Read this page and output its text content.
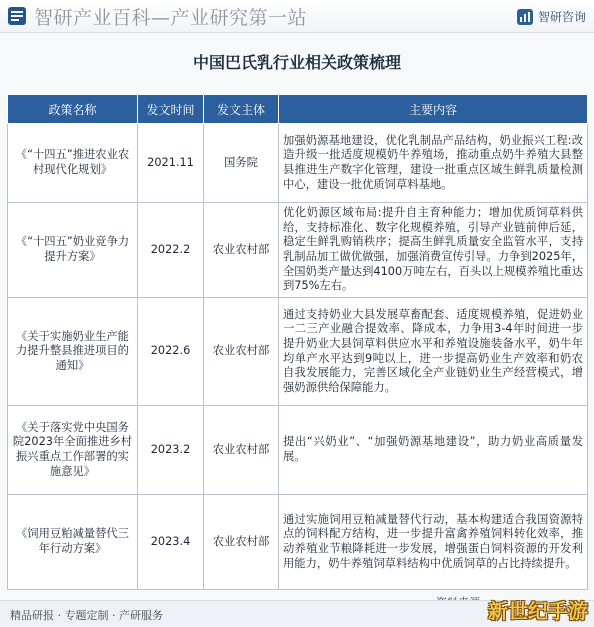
智研产业百科—产业研究第一站	智研咨询
中国巴氏乳行业相关政策梳理
政策名称	发文时间	发文主体	主要内容
《“十四五”推进农业农村现代化规划》	2021.11	国务院	加强奶源基地建设，优化乳制品产品结构，奶业振兴工程:改造升级一批适度规模奶牛养殖场，推动重点奶牛养殖大县整县推进生产数字化管理，建设一批重点区域生鲜乳质量检测中心，建设一批优质饲草料基地。
《“十四五”奶业竞争力提升方案》	2022.2	农业农村部	优化奶源区域布局:提升自主育种能力；增加优质饲草料供给，支持标准化、数字化规模养殖，引导产业链前伸后延，稳定生鲜乳购销秩序；提高生鲜乳质量安全监管水平，支持乳制品加工做优做强，加强消费宣传引导。力争到2025年，全国奶类产量达到4100万吨左右，百头以上规模养殖比重达到75%左右。
《关于实施奶业生产能力提升整县推进项目的通知》	2022.6	农业农村部	通过支持奶业大县发展草畜配套、适度规模养殖，促进奶业一二三产业融合提效率、降成本，力争用3-4年时间进一步提升奶业大县饲草料供应水平和养殖设施装备水平，奶牛年均单产水平达到9吨以上，进一步提高奶业生产效率和奶农自我发展能力，完善区域化全产业链奶业生产经营模式，增强奶源供给保障能力。
《关于落实党中央国务院2023年全面推进乡村振兴重点工作部署的实施意见》	2023.2	农业农村部	提出“兴奶业”、“加强奶源基地建设”，助力奶业高质量发展。
《饲用豆粕减量替代三年行动方案》	2023.4	农业农村部	通过实施饲用豆粕减量替代行动，基本构建适合我国资源特点的饲料配方结构，进一步提升富禽养殖饲料转化效率，推动养殖业节粮降耗进一步发展，增强蛋白饲料资源的开发利用能力，奶牛养殖饲草料结构中优质饲草的占比持续提升。
精品研报 · 专题定制 · 产研服务	新世纪手游
